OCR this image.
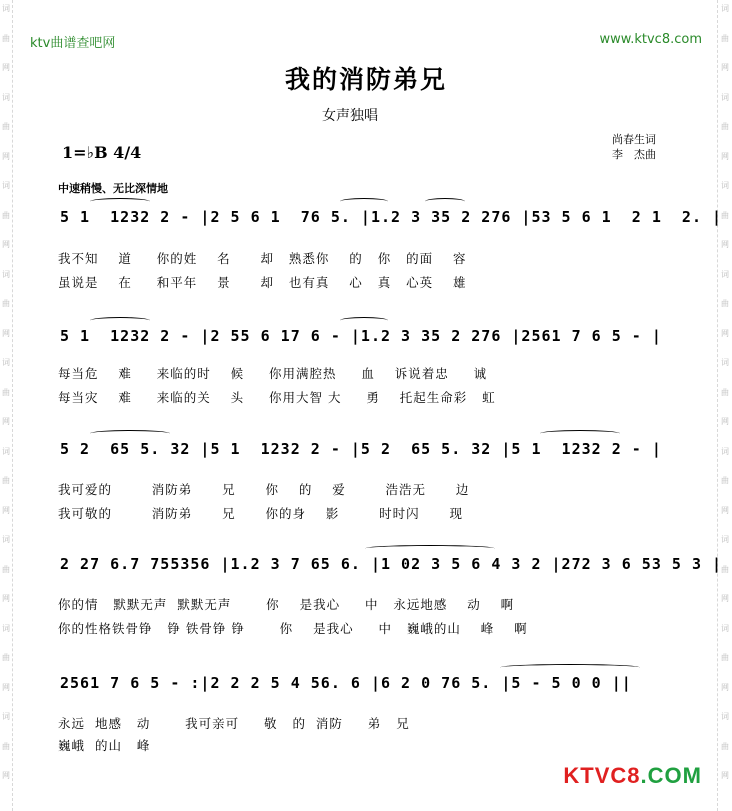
词	词
曲	曲
网	网
词	词
曲	曲
网	网
词	词
曲	曲
网	网
词	词
曲	曲
网	网
词	词
曲	曲
网	网
词	词
曲	曲
网	网
词	词
曲	曲
网	网
词	词
曲	曲
网	网
词	词
曲	曲
网	网
ktv曲谱查吧网	www.ktvc8.com
我的消防弟兄
女声独唱
1=♭B 4/4
尚春生词
李　杰曲
中速稍慢、无比深情地
5 1  1232 2 - |2 5 6 1  76 5. |1.2 3 35 2 276 |53 5 6 1  2 1  2. |
我不知    道     你的姓    名      却   熟悉你    的   你   的面    容
虽说是    在     和平年    景      却   也有真    心   真   心英    雄
5 1  1232 2 - |2 55 6 17 6 - |1.2 3 35 2 276 |2561 7 6 5 - |
每当危    难     来临的时    候     你用满腔热     血    诉说着忠     诚
每当灾    难     来临的关    头     你用大智 大     勇    托起生命彩   虹
5 2  65 5. 32 |5 1  1232 2 - |5 2  65 5. 32 |5 1  1232 2 - |
我可爱的        消防弟      兄      你    的    爱        浩浩无      边
我可敬的        消防弟      兄      你的身    影        时时闪      现
2 27 6.7 755356 |1.2 3 7 65 6. |1 02 3 5 6 4 3 2 |272 3 6 53 5 3 |
你的情   默默无声  默默无声       你    是我心     中   永远地感    动    啊
你的性格铁骨铮   铮 铁骨铮 铮       你    是我心     中   巍峨的山    峰    啊
2561 7 6 5 - :|2 2 2 5 4 56. 6 |6 2 0 76 5. |5 - 5 0 0 ||
永远  地感   动       我可亲可     敬   的  消防     弟   兄
巍峨  的山   峰
KTVC8.COM
